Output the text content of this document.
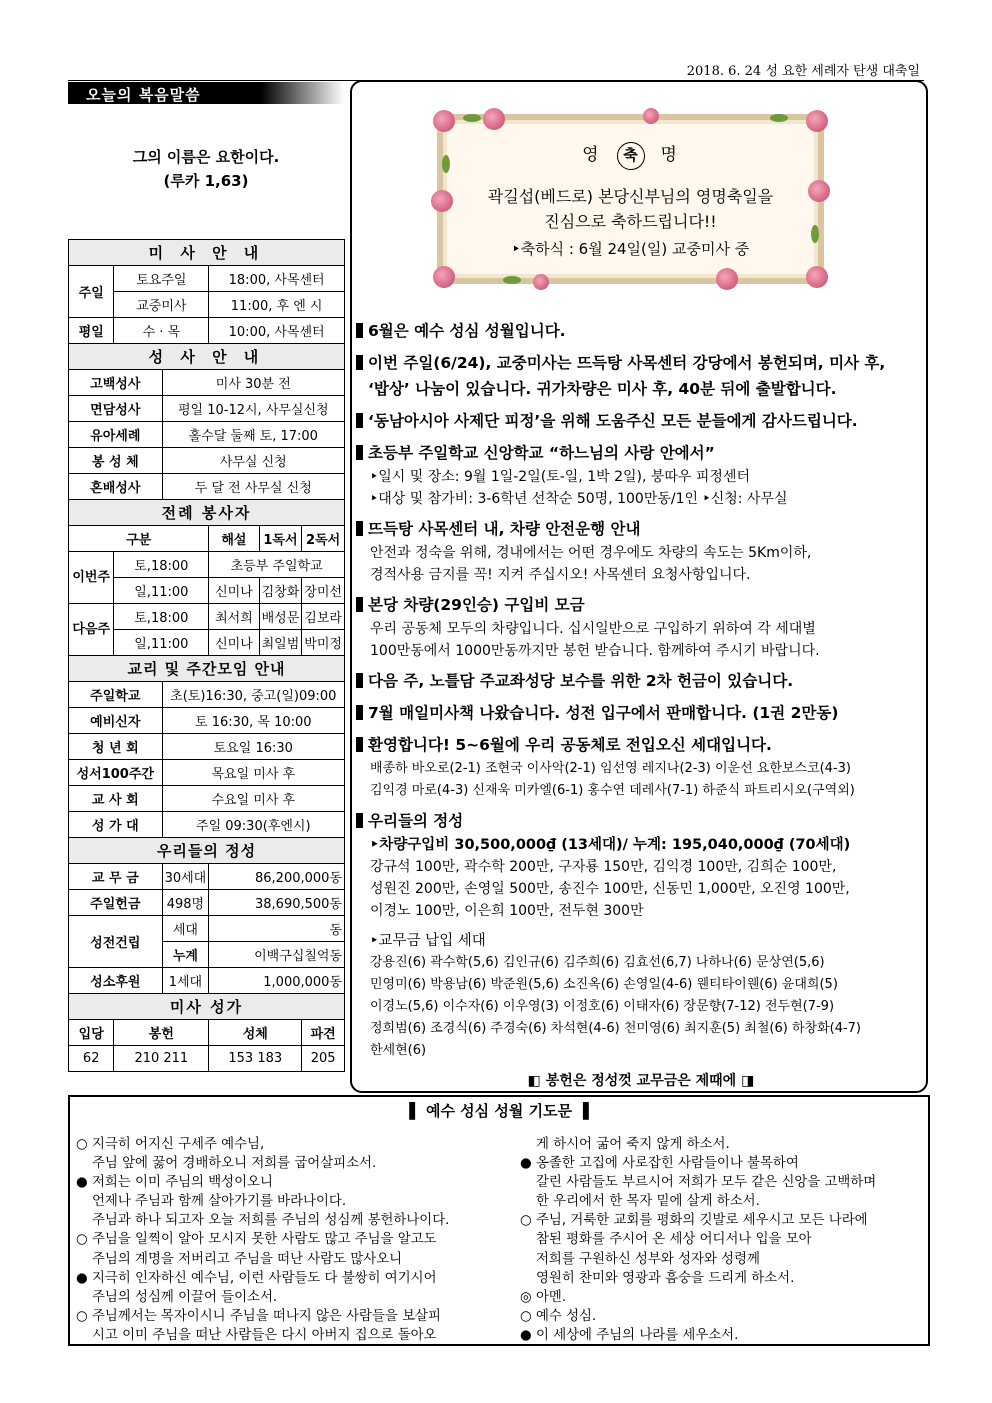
2018. 6. 24 성 요한 세례자 탄생 대축일
오늘의 복음말씀
그의 이름은 요한이다.
(루카 1,63)
미 사 안 내					
주일	토요주일		18:00, 사목센터		
	교중미사		11:00, 후 엔 시		
평일	수 · 목		10:00, 사목센터		
성 사 안 내					
고백성사		미사 30분 전			
면담성사		평일 10-12시, 사무실신청			
유아세례		홀수달 둘째 토, 17:00			
봉 성 체		사무실 신청			
혼배성사		두 달 전 사무실 신청			
전례 봉사자					
구분			해설	1독서	2독서
이번주	토,18:00		초등부 주일학교		
	일,11:00		신미나	김창화	장미선
다음주	토,18:00		최서희	배성문	김보라
	일,11:00		신미나	최일범	박미정
교리 및 주간모임 안내					
주일학교		초(토)16:30, 중고(일)09:00			
예비신자		토 16:30, 목 10:00			
청 년 회		토요일 16:30			
성서100주간		목요일 미사 후			
교 사 회		수요일 미사 후			
성 가 대		주일 09:30(후엔시)			
우리들의 정성					
교 무 금		30세대	86,200,000동		
주일헌금		498명	38,690,500동		
성전건립		세대	동		
		누계	이백구십칠억동		
성소후원		1세대	1,000,000동		
미사 성가					
입당	봉헌		성체		파견
62	210 211		153 183		205
영 축 명
곽길섭(베드로) 본당신부님의 영명축일을
진심으로 축하드립니다!!
‣축하식 : 6월 24일(일) 교중미사 중
6월은 예수 성심 성월입니다.
이번 주일(6/24), 교중미사는 뜨득탕 사목센터 강당에서 봉헌되며, 미사 후,
‘밥상’ 나눔이 있습니다. 귀가차량은 미사 후, 40분 뒤에 출발합니다.
‘동남아시아 사제단 피정’을 위해 도움주신 모든 분들에게 감사드립니다.
초등부 주일학교 신앙학교 “하느님의 사랑 안에서”
‣일시 및 장소: 9월 1일-2일(토-일, 1박 2일), 붕따우 피정센터
‣대상 및 참가비: 3-6학년 선착순 50명, 100만동/1인 ‣신청: 사무실
뜨득탕 사목센터 내, 차량 안전운행 안내
안전과 정숙을 위해, 경내에서는 어떤 경우에도 차량의 속도는 5Km이하,
경적사용 금지를 꼭! 지켜 주십시오! 사목센터 요청사항입니다.
본당 차량(29인승) 구입비 모금
우리 공동체 모두의 차량입니다. 십시일반으로 구입하기 위하여 각 세대별
100만동에서 1000만동까지만 봉헌 받습니다. 함께하여 주시기 바랍니다.
다음 주, 노틀담 주교좌성당 보수를 위한 2차 헌금이 있습니다.
7월 매일미사책 나왔습니다. 성전 입구에서 판매합니다. (1권 2만동)
환영합니다! 5~6월에 우리 공동체로 전입오신 세대입니다.
배종하 바오로(2-1) 조현국 이사악(2-1) 임선영 레지나(2-3) 이운선 요한보스코(4-3)
김익경 마로(4-3) 신재욱 미카엘(6-1) 홍수연 데레사(7-1) 하준식 파트리시오(구역외)
우리들의 정성
‣차량구입비 30,500,000₫ (13세대)/ 누계: 195,040,000₫ (70세대)
강규석 100만, 곽수학 200만, 구자룡 150만, 김익경 100만, 김희순 100만,
성원진 200만, 손영일 500만, 송진수 100만, 신동민 1,000만, 오진영 100만,
이경노 100만, 이은희 100만, 전두현 300만
‣교무금 납입 세대
강용진(6) 곽수학(5,6) 김인규(6) 김주희(6) 김효선(6,7) 나하나(6) 문상연(5,6)
민영미(6) 박용남(6) 박준원(5,6) 소진옥(6) 손영일(4-6) 웬티타이웬(6) 윤대희(5)
이경노(5,6) 이수자(6) 이우영(3) 이정호(6) 이태자(6) 장문향(7-12) 전두현(7-9)
정희범(6) 조경식(6) 주경숙(6) 차석현(4-6) 천미영(6) 최지훈(5) 최철(6) 하창화(4-7)
한세현(6)
◧ 봉헌은 정성껏 교무금은 제때에 ◨
▌ 예수 성심 성월 기도문 ▐
○ 지극히 어지신 구세주 예수님,
주님 앞에 꿇어 경배하오니 저희를 굽어살피소서.
● 저희는 이미 주님의 백성이오니
언제나 주님과 함께 살아가기를 바라나이다.
주님과 하나 되고자 오늘 저희를 주님의 성심께 봉헌하나이다.
○ 주님을 일찍이 알아 모시지 못한 사람도 많고 주님을 알고도
주님의 계명을 저버리고 주님을 떠난 사람도 많사오니
● 지극히 인자하신 예수님, 이런 사람들도 다 불쌍히 여기시어
주님의 성심께 이끌어 들이소서.
○ 주님께서는 목자이시니 주님을 떠나지 않은 사람들을 보살피
시고 이미 주님을 떠난 사람들은 다시 아버지 집으로 돌아오
게 하시어 굶어 죽지 않게 하소서.
● 옹졸한 고집에 사로잡힌 사람들이나 불목하여
갈린 사람들도 부르시어 저희가 모두 같은 신앙을 고백하며
한 우리에서 한 목자 밑에 살게 하소서.
○ 주님, 거룩한 교회를 평화의 깃발로 세우시고 모든 나라에
참된 평화를 주시어 온 세상 어디서나 입을 모아
저희를 구원하신 성부와 성자와 성령께
영원히 찬미와 영광과 흠숭을 드리게 하소서.
◎ 아멘.
○ 예수 성심.
● 이 세상에 주님의 나라를 세우소서.
